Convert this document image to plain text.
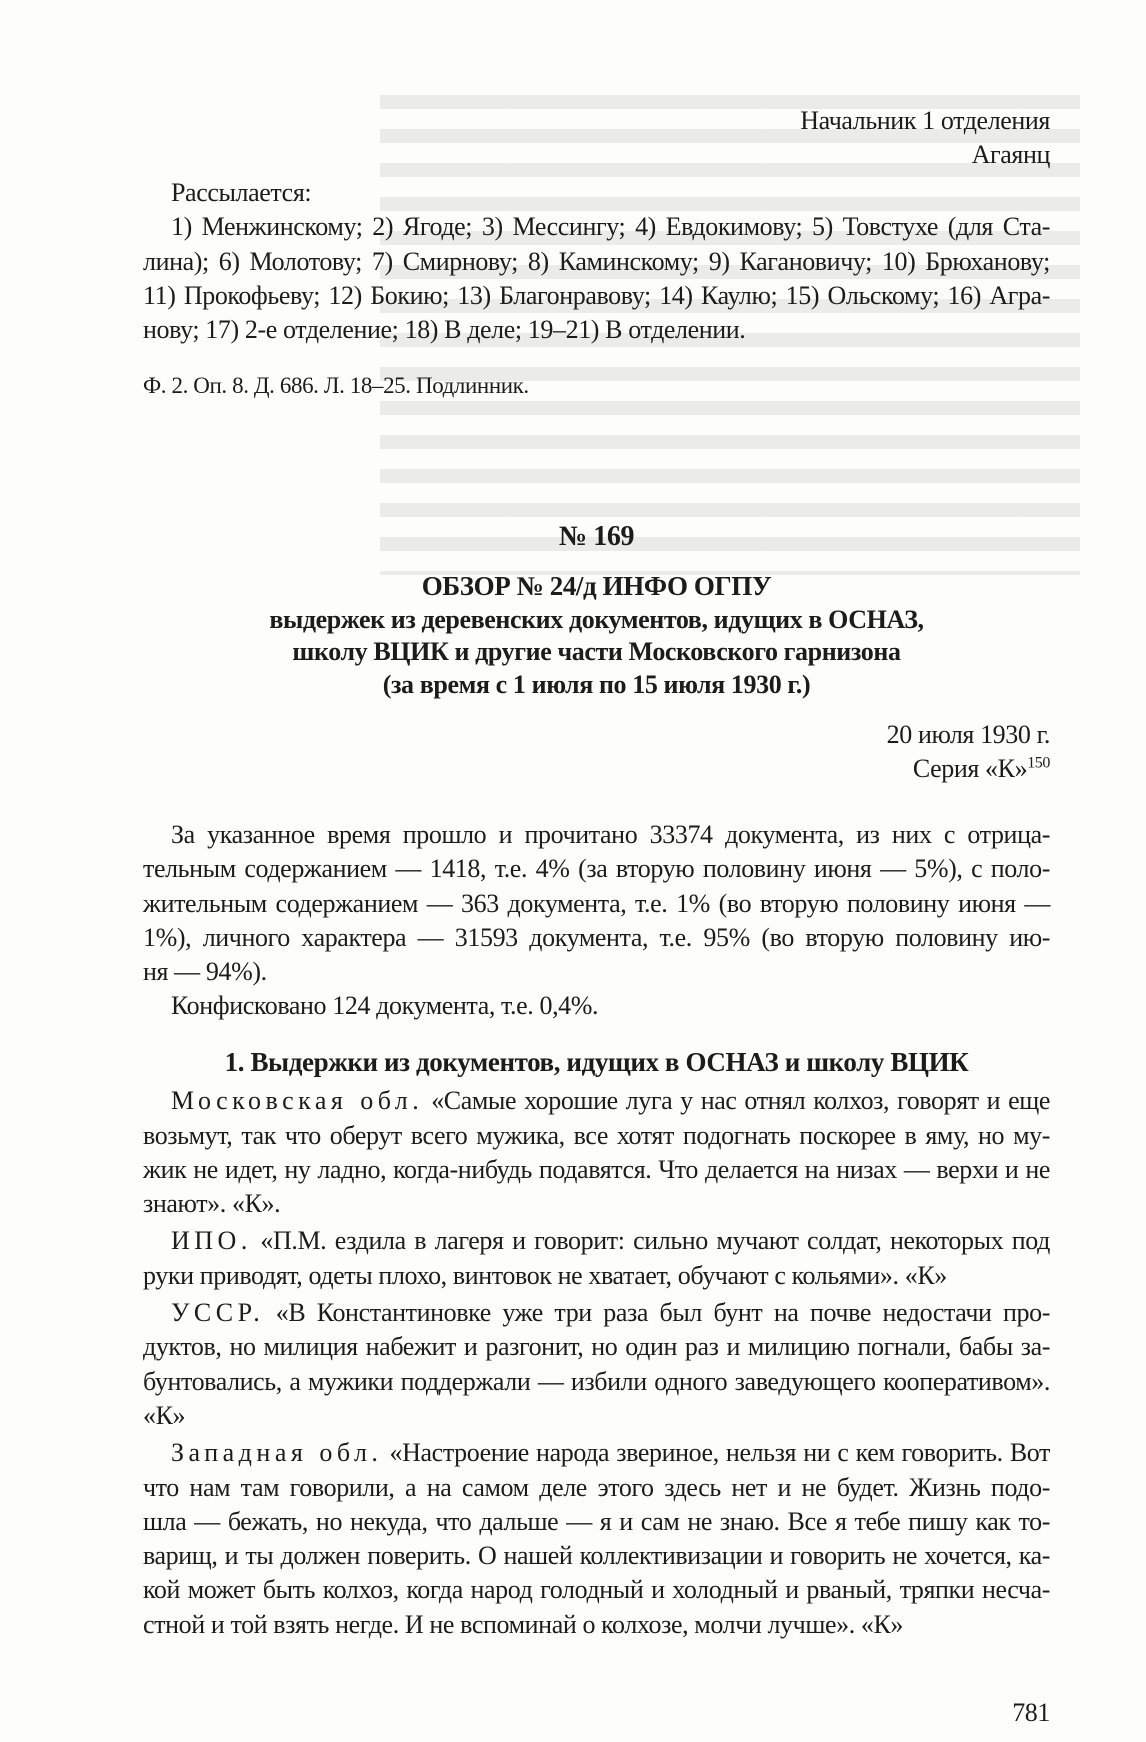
Начальник 1 отделения
Агаянц
Рассылается:
1) Менжинскому; 2) Ягоде; 3) Мессингу; 4) Евдокимову; 5) Товстухе (для Ста-
лина); 6) Молотову; 7) Смирнову; 8) Каминскому; 9) Кагановичу; 10) Брюханову;
11) Прокофьеву; 12) Бокию; 13) Благонравову; 14) Каулю; 15) Ольскому; 16) Агра-
нову; 17) 2-е отделение; 18) В деле; 19–21) В отделении.
Ф. 2. Оп. 8. Д. 686. Л. 18–25. Подлинник.
№ 169
ОБЗОР № 24/д ИНФО ОГПУ
выдержек из деревенских документов, идущих в ОСНАЗ,
школу ВЦИК и другие части Московского гарнизона
(за время с 1 июля по 15 июля 1930 г.)
20 июля 1930 г.
Серия «К»$^{150}$
За указанное время прошло и прочитано 33374 документа, из них с отрица-
тельным содержанием — 1418, т.е. 4% (за вторую половину июня — 5%), с поло-
жительным содержанием — 363 документа, т.е. 1% (во вторую половину июня —
1%), личного характера — 31593 документа, т.е. 95% (во вторую половину ию-
ня — 94%).
Конфисковано 124 документа, т.е. 0,4%.
1. Выдержки из документов, идущих в ОСНАЗ и школу ВЦИК
Московская обл. «Самые хорошие луга у нас отнял колхоз, говорят и еще
возьмут, так что оберут всего мужика, все хотят подогнать поскорее в яму, но му-
жик не идет, ну ладно, когда-нибудь подавятся. Что делается на низах — верхи и не
знают». «К».
ИПО. «П.М. ездила в лагеря и говорит: сильно мучают солдат, некоторых под
руки приводят, одеты плохо, винтовок не хватает, обучают с кольями». «К»
УССР. «В Константиновке уже три раза был бунт на почве недостачи про-
дуктов, но милиция набежит и разгонит, но один раз и милицию погнали, бабы за-
бунтовались, а мужики поддержали — избили одного заведующего кооперативом».
«К»
Западная обл. «Настроение народа звериное, нельзя ни с кем говорить. Вот
что нам там говорили, а на самом деле этого здесь нет и не будет. Жизнь подо-
шла — бежать, но некуда, что дальше — я и сам не знаю. Все я тебе пишу как то-
варищ, и ты должен поверить. О нашей коллективизации и говорить не хочется, ка-
кой может быть колхоз, когда народ голодный и холодный и рваный, тряпки несча-
стной и той взять негде. И не вспоминай о колхозе, молчи лучше». «К»
781
